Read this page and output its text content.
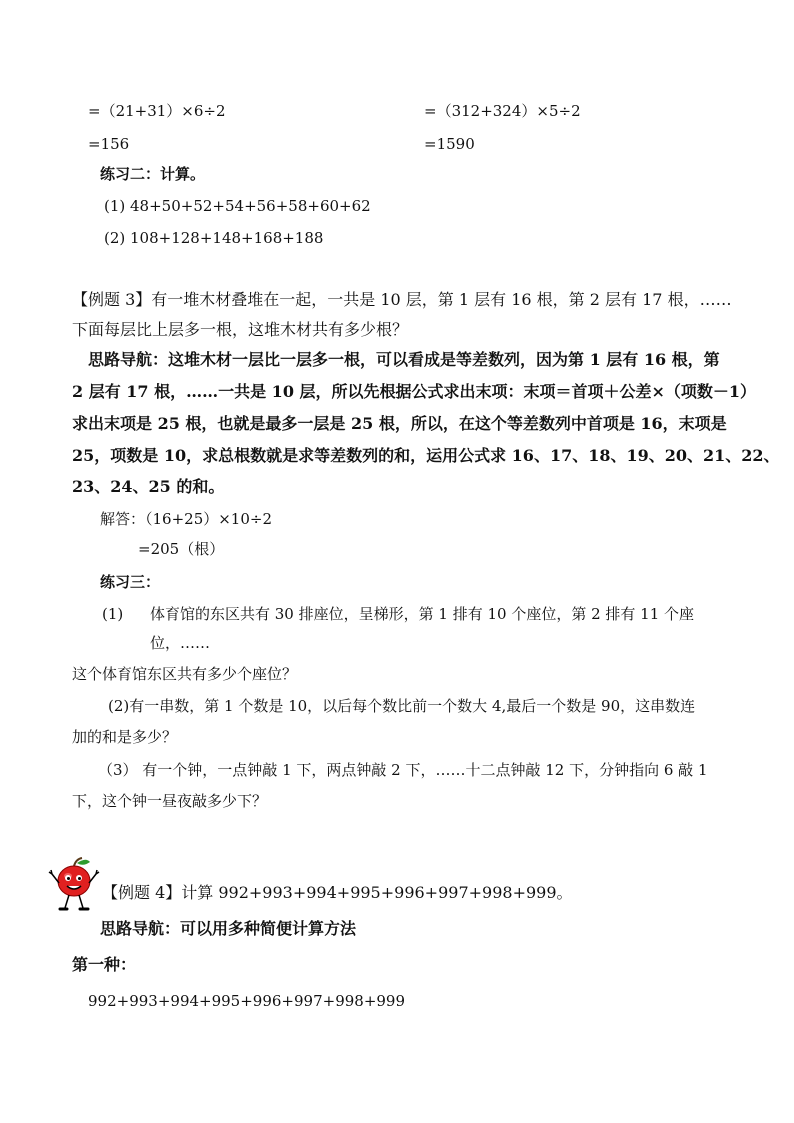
=（21+31）×6÷2	=（312+324）×5÷2
=156	=1590
练习二：计算。
(1) 48+50+52+54+56+58+60+62
(2) 108+128+148+168+188
【例题 3】有一堆木材叠堆在一起，一共是 10 层，第 1 层有 16 根，第 2 层有 17 根，……
下面每层比上层多一根，这堆木材共有多少根？
思路导航：这堆木材一层比一层多一根，可以看成是等差数列，因为第 1 层有 16 根，第
2 层有 17 根，……一共是 10 层，所以先根据公式求出末项：末项＝首项＋公差×（项数－1）
求出末项是 25 根，也就是最多一层是 25 根，所以，在这个等差数列中首项是 16，末项是
25，项数是 10，求总根数就是求等差数列的和，运用公式求 16、17、18、19、20、21、22、
23、24、25 的和。
解答：（16+25）×10÷2
=205（根）
练习三：
(1) 体育馆的东区共有 30 排座位，呈梯形，第 1 排有 10 个座位，第 2 排有 11 个座
位，……
这个体育馆东区共有多少个座位？
(2)有一串数，第 1 个数是 10，以后每个数比前一个数大 4,最后一个数是 90，这串数连
加的和是多少？
（3） 有一个钟，一点钟敲 1 下，两点钟敲 2 下，……十二点钟敲 12 下，分钟指向 6 敲 1
下，这个钟一昼夜敲多少下？
【例题 4】计算 992+993+994+995+996+997+998+999。
思路导航：可以用多种简便计算方法
第一种：
992+993+994+995+996+997+998+999
